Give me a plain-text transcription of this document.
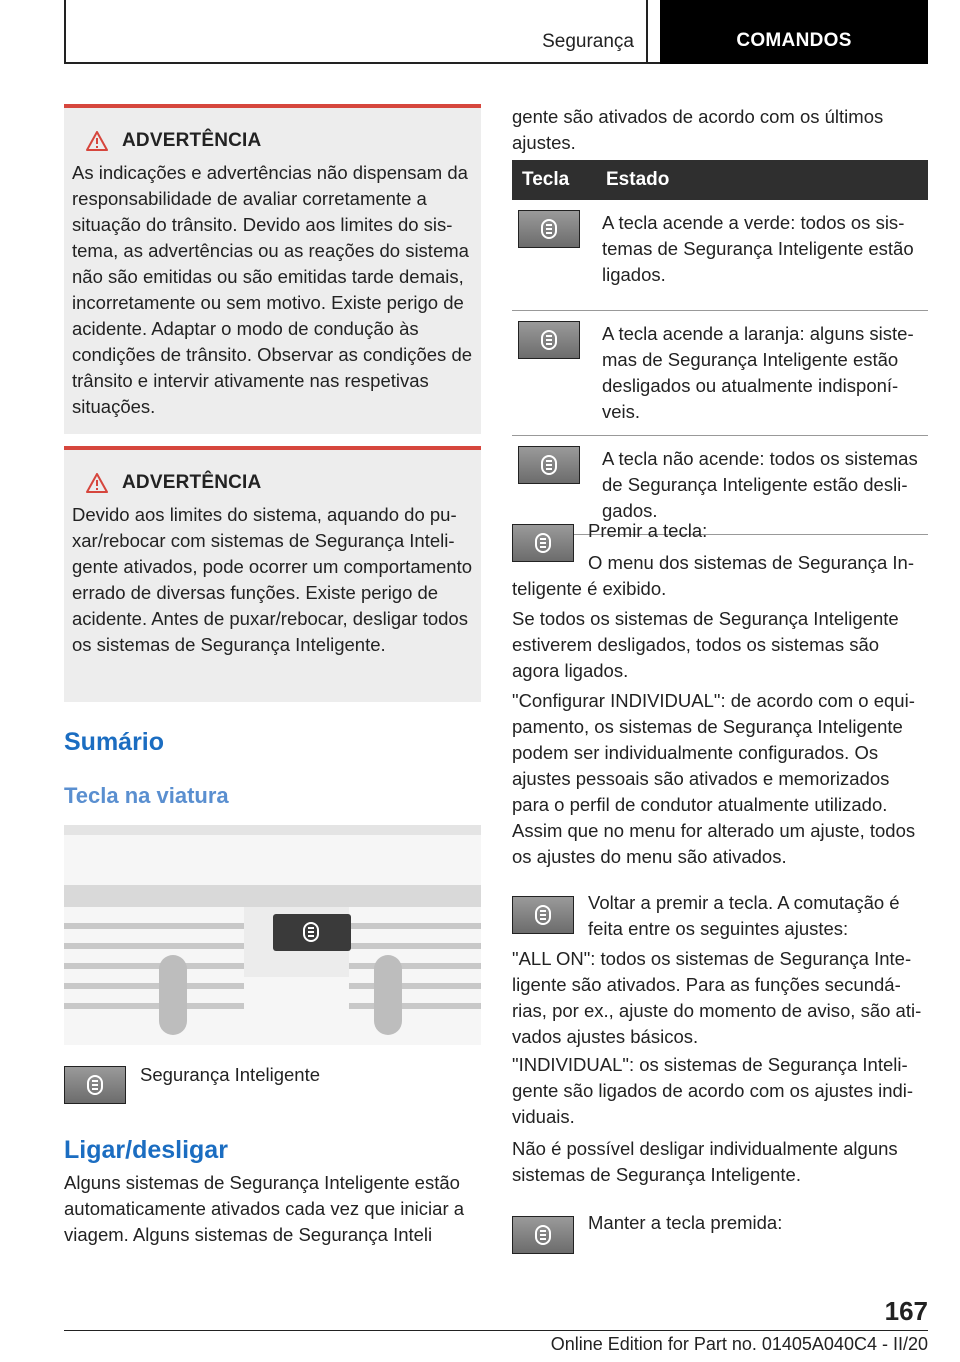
Segurança	COMANDOS
ADVERTÊNCIA

As indicações e advertências não dispensam da responsabilidade de avaliar corretamente a situação do trânsito. Devido aos limites do sistema, as advertências ou as reações do sistema não são emitidas ou são emitidas tarde demais, incorretamente ou sem motivo. Existe perigo de acidente. Adaptar o modo de condução às condições de trânsito. Observar as condições de trânsito e intervir ativamente nas respetivas situações.

ADVERTÊNCIA

Devido aos limites do sistema, aquando do puxar/rebocar com sistemas de Segurança Inteligente ativados, pode ocorrer um comportamento errado de diversas funções. Existe perigo de acidente. Antes de puxar/rebocar, desligar todos os sistemas de Segurança Inteligente.

Sumário
Tecla na viatura
Segurança Inteligente
Ligar/desligar

Alguns sistemas de Segurança Inteligente estão automaticamente ativados cada vez que iniciar a viagem. Alguns sistemas de Segurança Inteli

gente são ativados de acordo com os últimos ajustes.

Tecla	Estado

	A tecla acende a verde: todos os sistemas de Segurança Inteligente estão ligados.

	A tecla acende a laranja: alguns sistemas de Segurança Inteligente estão desligados ou atualmente indisponíveis.

	A tecla não acende: todos os sistemas de Segurança Inteligente estão desligados.

Premir a tecla:

O menu dos sistemas de Segurança Inteligente é exibido.

Se todos os sistemas de Segurança Inteligente estiverem desligados, todos os sistemas são agora ligados.

"Configurar INDIVIDUAL": de acordo com o equipamento, os sistemas de Segurança Inteligente podem ser individualmente configurados. Os ajustes pessoais são ativados e memorizados para o perfil de condutor atualmente utilizado. Assim que no menu for alterado um ajuste, todos os ajustes do menu são ativados.

Voltar a premir a tecla. A comutação é feita entre os seguintes ajustes:

"ALL ON": todos os sistemas de Segurança Inteligente são ativados. Para as funções secundárias, por ex., ajuste do momento de aviso, são ativados ajustes básicos.

"INDIVIDUAL": os sistemas de Segurança Inteligente são ligados de acordo com os ajustes individuais.

Não é possível desligar individualmente alguns sistemas de Segurança Inteligente.

Manter a tecla premida:

167
Online Edition for Part no. 01405A040C4 - II/20
